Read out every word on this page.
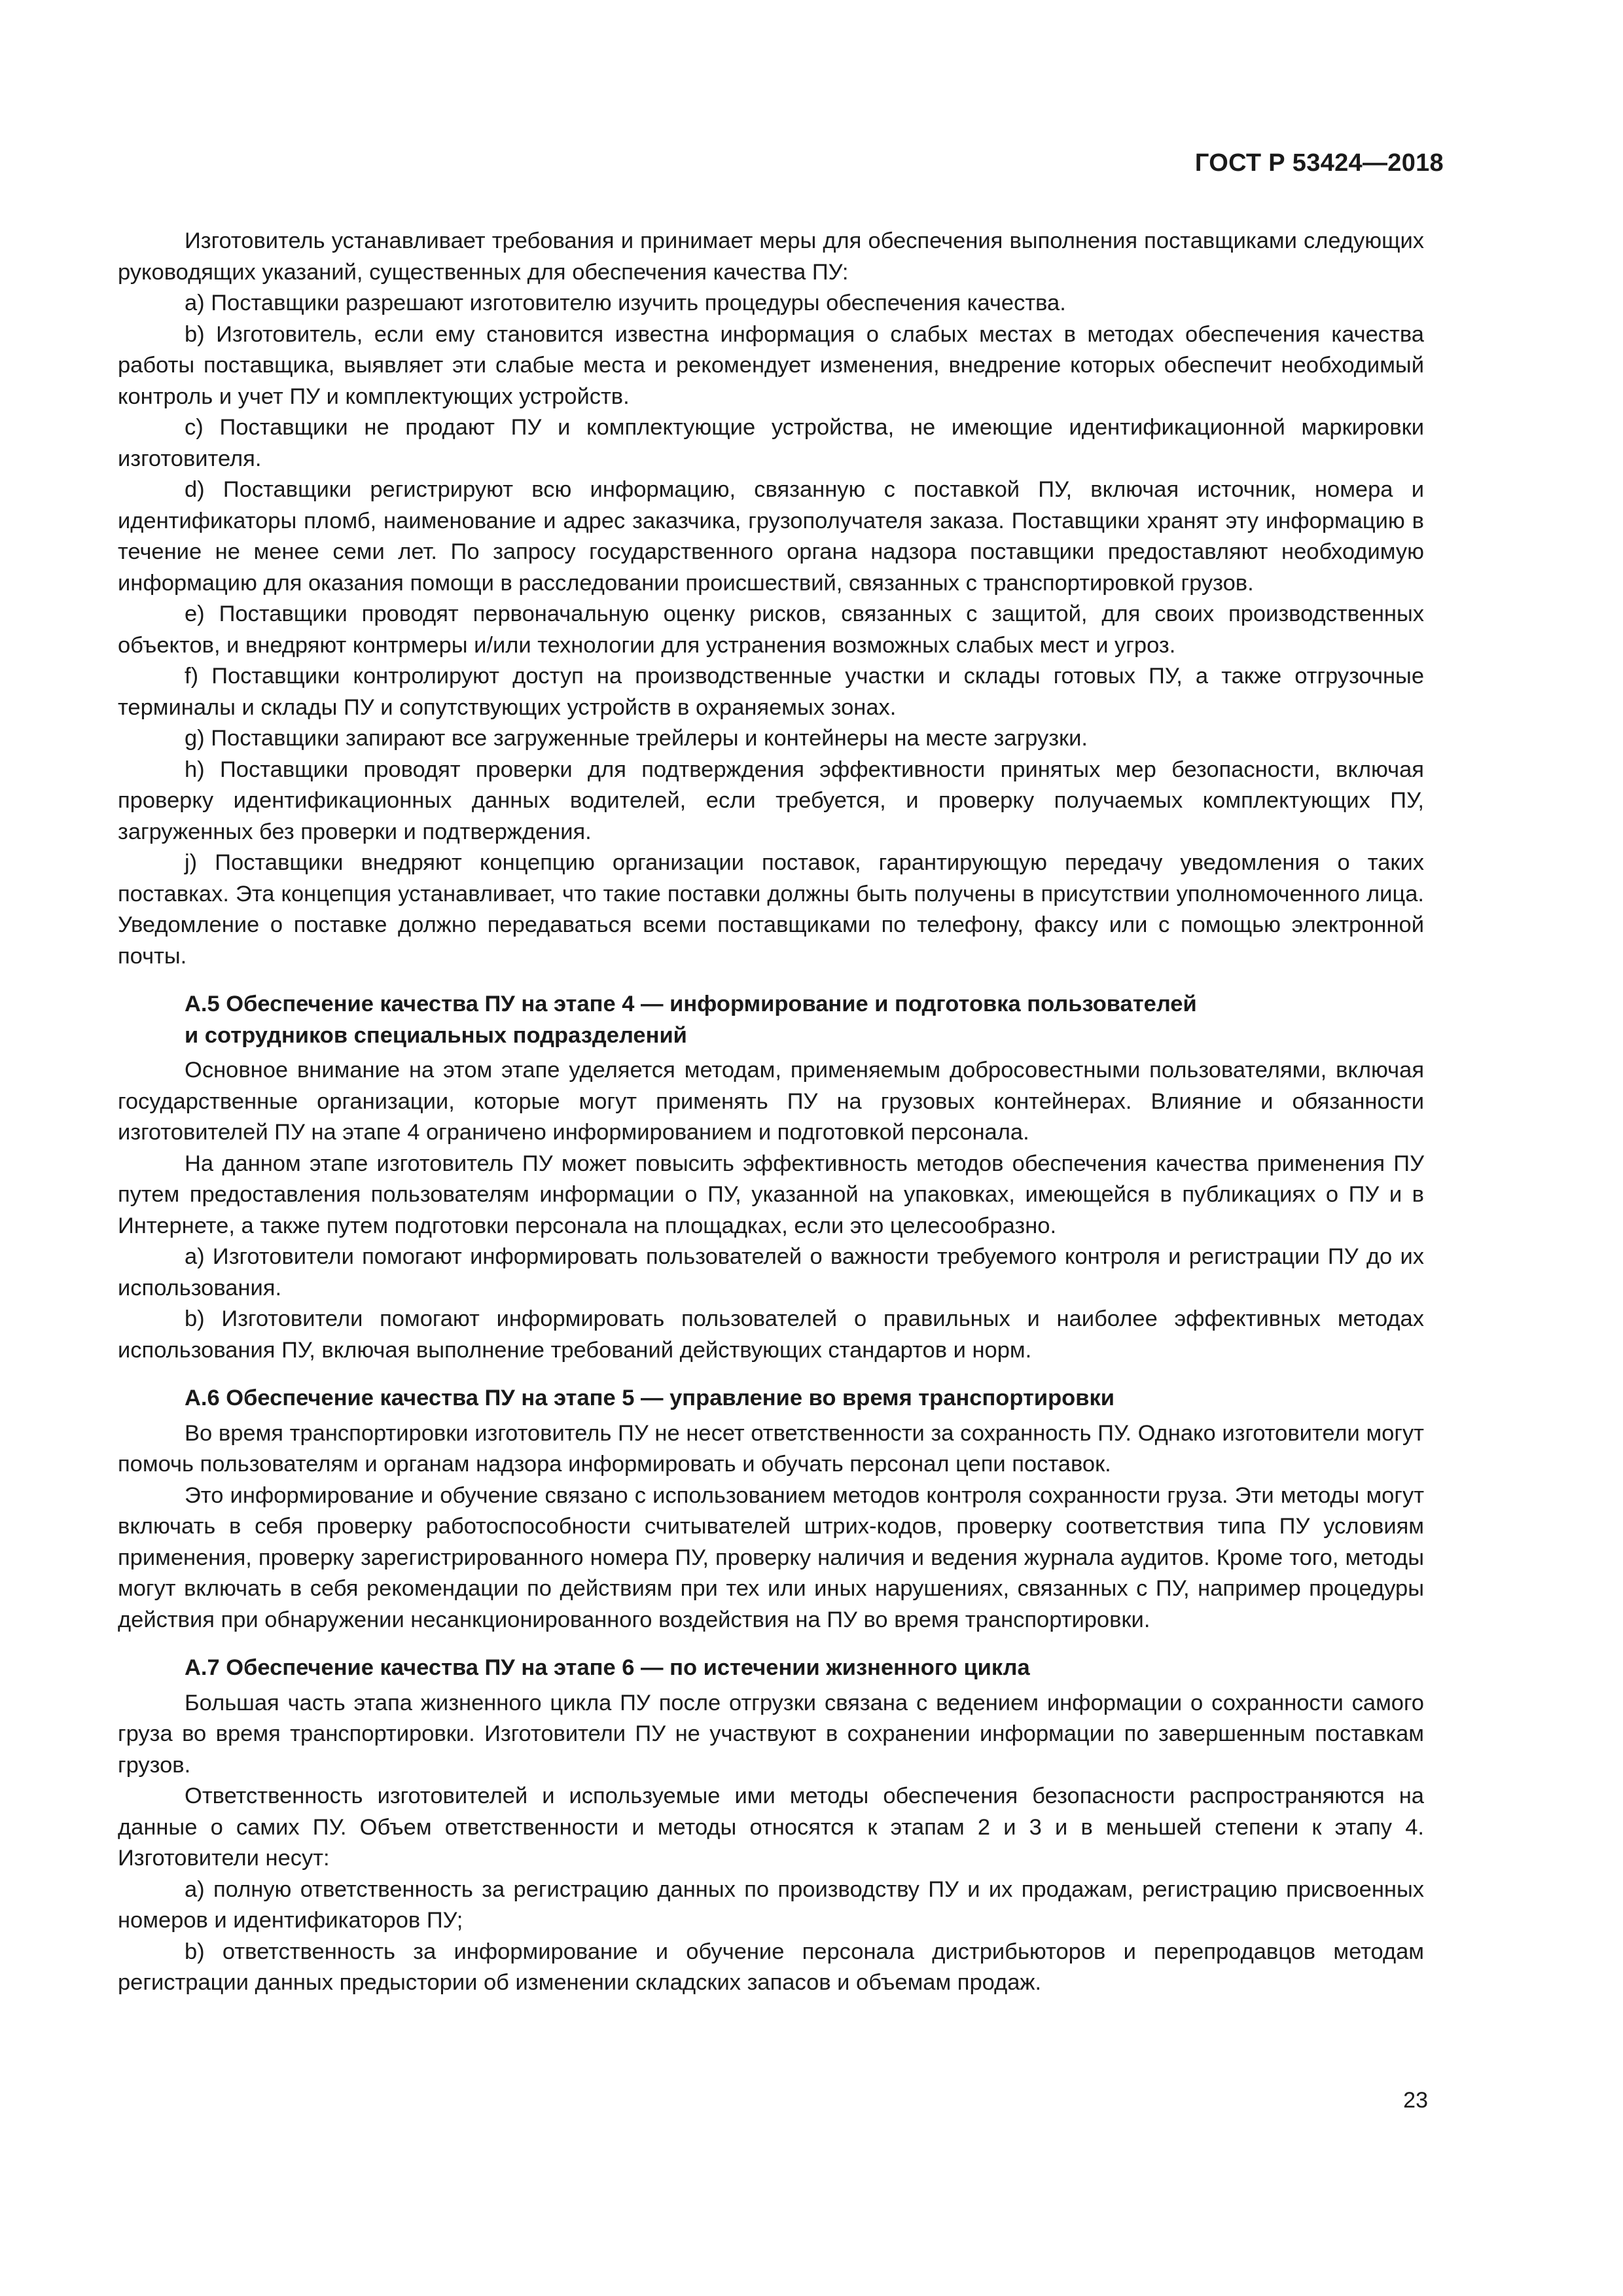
ГОСТ Р 53424—2018

Изготовитель устанавливает требования и принимает меры для обеспечения выполнения поставщиками следующих руководящих указаний, существенных для обеспечения качества ПУ:

a) Поставщики разрешают изготовителю изучить процедуры обеспечения качества.

b) Изготовитель, если ему становится известна информация о слабых местах в методах обеспечения качества работы поставщика, выявляет эти слабые места и рекомендует изменения, внедрение которых обеспечит необходимый контроль и учет ПУ и комплектующих устройств.

c) Поставщики не продают ПУ и комплектующие устройства, не имеющие идентификационной маркировки изготовителя.

d) Поставщики регистрируют всю информацию, связанную с поставкой ПУ, включая источник, номера и идентификаторы пломб, наименование и адрес заказчика, грузополучателя заказа. Поставщики хранят эту информацию в течение не менее семи лет. По запросу государственного органа надзора поставщики предоставляют необходимую информацию для оказания помощи в расследовании происшествий, связанных с транспортировкой грузов.

e) Поставщики проводят первоначальную оценку рисков, связанных с защитой, для своих производственных объектов, и внедряют контрмеры и/или технологии для устранения возможных слабых мест и угроз.

f) Поставщики контролируют доступ на производственные участки и склады готовых ПУ, а также отгрузочные терминалы и склады ПУ и сопутствующих устройств в охраняемых зонах.

g) Поставщики запирают все загруженные трейлеры и контейнеры на месте загрузки.

h) Поставщики проводят проверки для подтверждения эффективности принятых мер безопасности, включая проверку идентификационных данных водителей, если требуется, и проверку получаемых комплектующих ПУ, загруженных без проверки и подтверждения.

j) Поставщики внедряют концепцию организации поставок, гарантирующую передачу уведомления о таких поставках. Эта концепция устанавливает, что такие поставки должны быть получены в присутствии уполномоченного лица. Уведомление о поставке должно передаваться всеми поставщиками по телефону, факсу или с помощью электронной почты.

А.5 Обеспечение качества ПУ на этапе 4 — информирование и подготовка пользователей
и сотрудников специальных подразделений

Основное внимание на этом этапе уделяется методам, применяемым добросовестными пользователями, включая государственные организации, которые могут применять ПУ на грузовых контейнерах. Влияние и обязанности изготовителей ПУ на этапе 4 ограничено информированием и подготовкой персонала.

На данном этапе изготовитель ПУ может повысить эффективность методов обеспечения качества применения ПУ путем предоставления пользователям информации о ПУ, указанной на упаковках, имеющейся в публикациях о ПУ и в Интернете, а также путем подготовки персонала на площадках, если это целесообразно.

a) Изготовители помогают информировать пользователей о важности требуемого контроля и регистрации ПУ до их использования.

b) Изготовители помогают информировать пользователей о правильных и наиболее эффективных методах использования ПУ, включая выполнение требований действующих стандартов и норм.

А.6 Обеспечение качества ПУ на этапе 5 — управление во время транспортировки

Во время транспортировки изготовитель ПУ не несет ответственности за сохранность ПУ. Однако изготовители могут помочь пользователям и органам надзора информировать и обучать персонал цепи поставок.

Это информирование и обучение связано с использованием методов контроля сохранности груза. Эти методы могут включать в себя проверку работоспособности считывателей штрих-кодов, проверку соответствия типа ПУ условиям применения, проверку зарегистрированного номера ПУ, проверку наличия и ведения журнала аудитов. Кроме того, методы могут включать в себя рекомендации по действиям при тех или иных нарушениях, связанных с ПУ, например процедуры действия при обнаружении несанкционированного воздействия на ПУ во время транспортировки.

А.7 Обеспечение качества ПУ на этапе 6 — по истечении жизненного цикла

Большая часть этапа жизненного цикла ПУ после отгрузки связана с ведением информации о сохранности самого груза во время транспортировки. Изготовители ПУ не участвуют в сохранении информации по завершенным поставкам грузов.

Ответственность изготовителей и используемые ими методы обеспечения безопасности распространяются на данные о самих ПУ. Объем ответственности и методы относятся к этапам 2 и 3 и в меньшей степени к этапу 4. Изготовители несут:

a) полную ответственность за регистрацию данных по производству ПУ и их продажам, регистрацию присвоенных номеров и идентификаторов ПУ;

b) ответственность за информирование и обучение персонала дистрибьюторов и перепродавцов методам регистрации данных предыстории об изменении складских запасов и объемам продаж.

23
